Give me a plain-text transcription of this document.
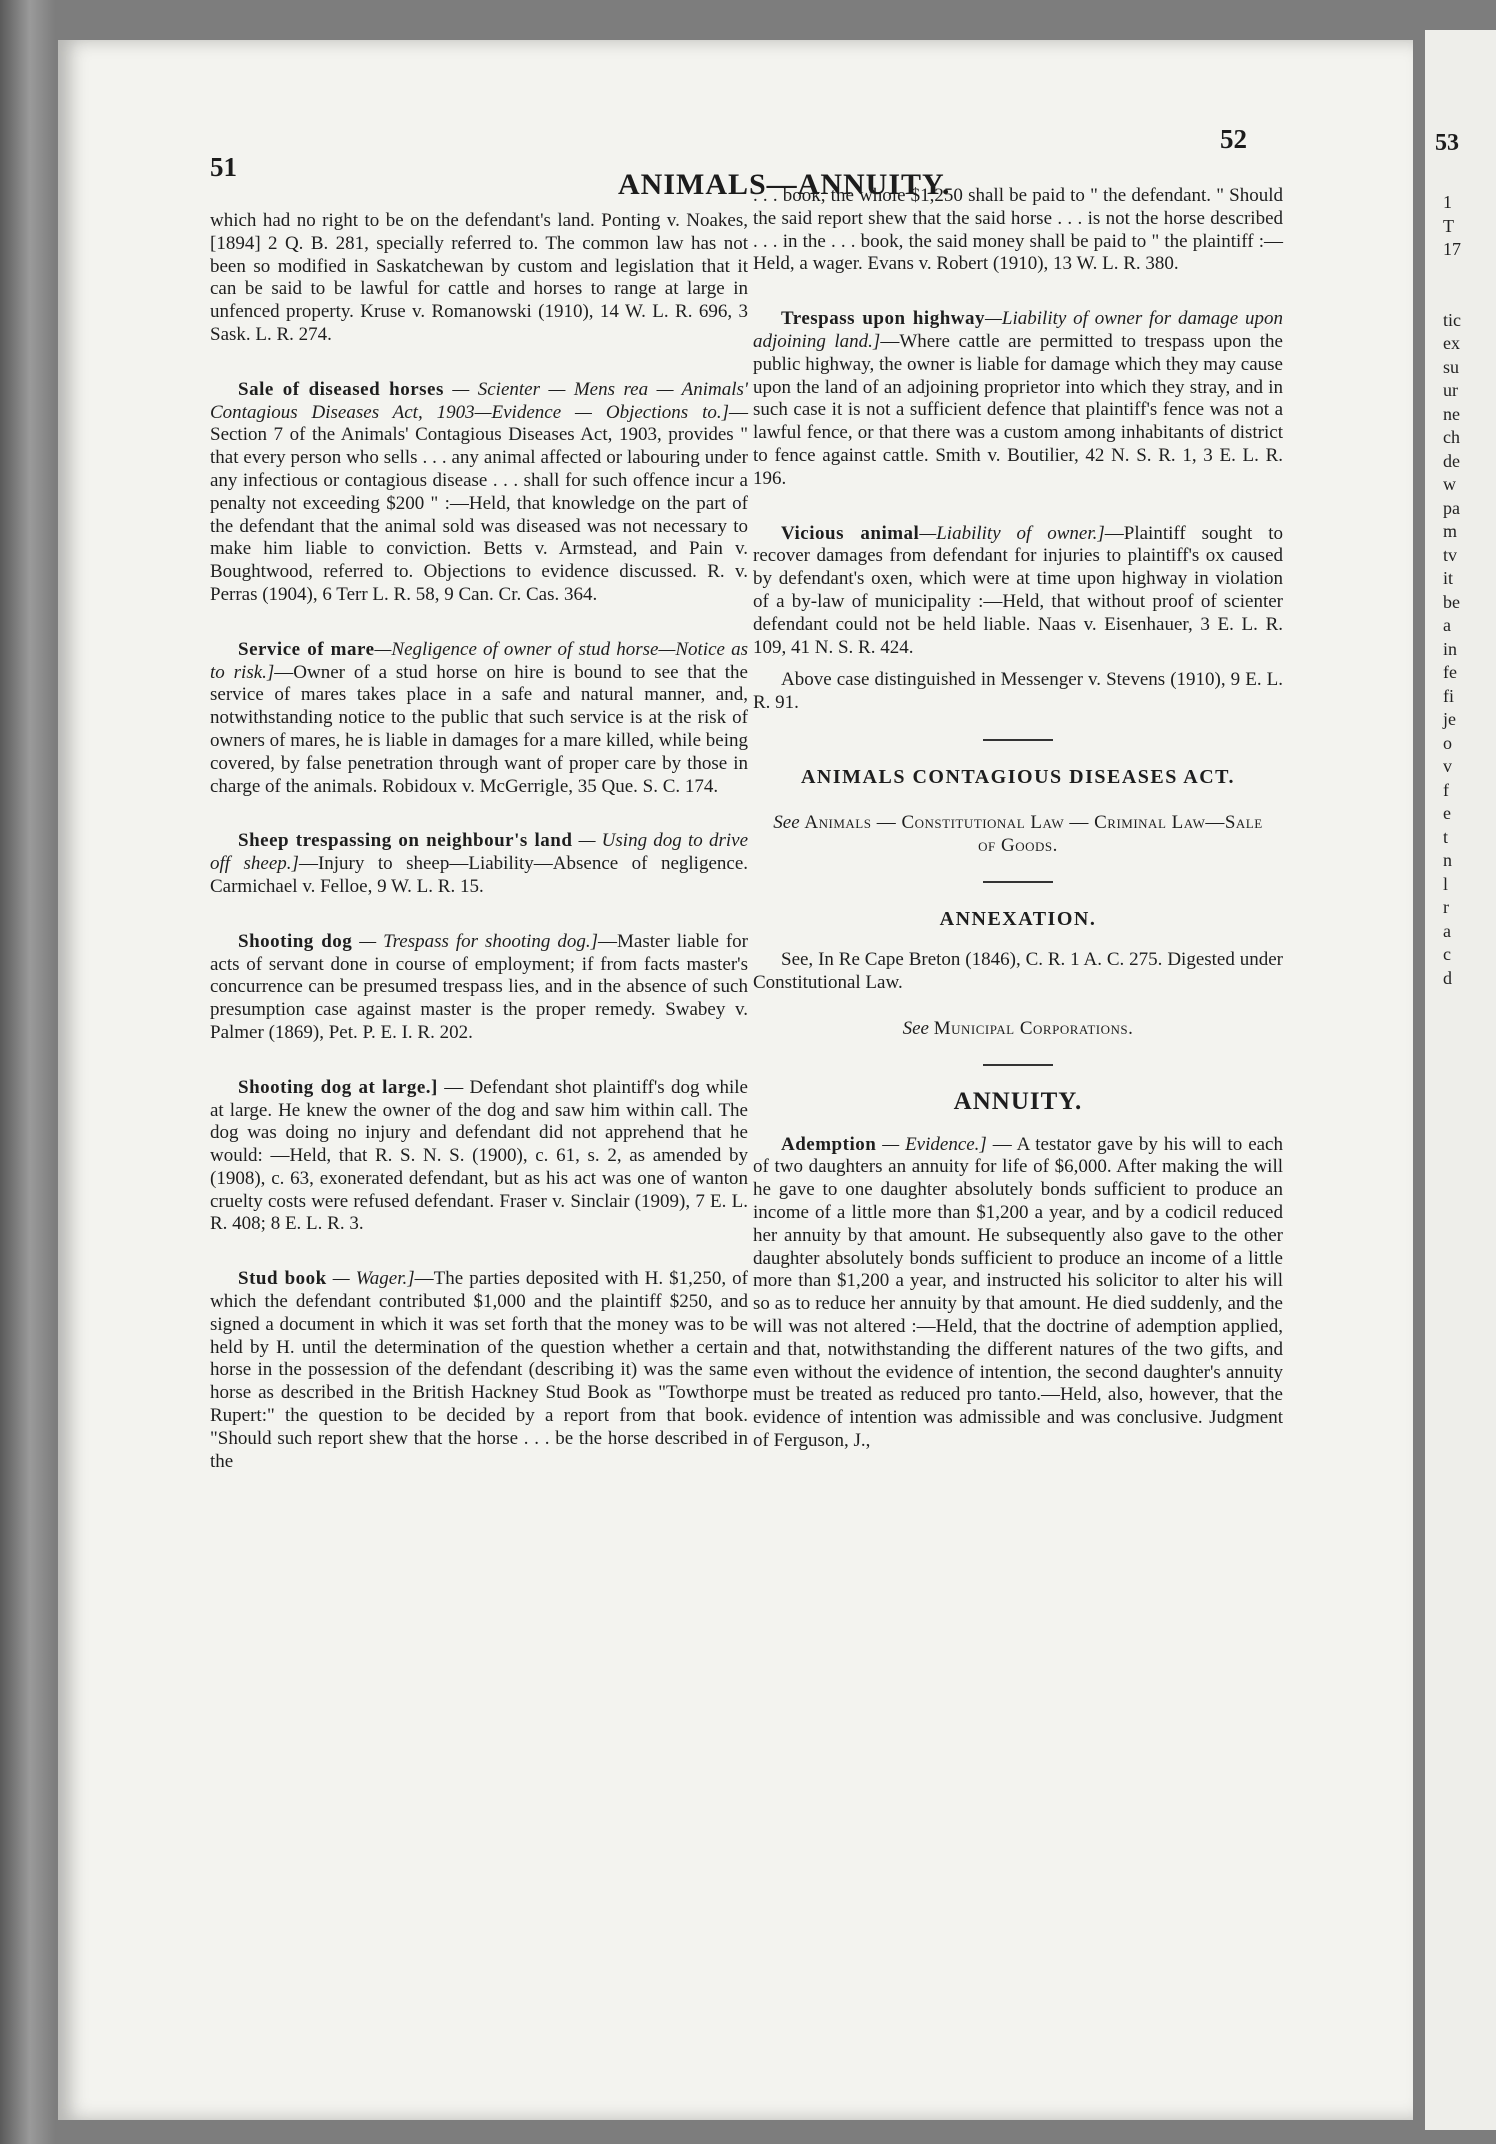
53
1
T
17
tic
ex
su
ur
ne
ch
de
w
pa
m
tv
it
be
a
in
fe
fi
je
o
v
f
e
t
n
l
r
a
c
d
51
ANIMALS—ANNUITY.
52

which had no right to be on the defendant's land. Ponting v. Noakes, [1894] 2 Q. B. 281, specially referred to. The common law has not been so modified in Saskatchewan by custom and legislation that it can be said to be lawful for cattle and horses to range at large in unfenced property. Kruse v. Romanowski (1910), 14 W. L. R. 696, 3 Sask. L. R. 274.

Sale of diseased horses — Scienter — Mens rea — Animals' Contagious Diseases Act, 1903—Evidence — Objections to.]—Section 7 of the Animals' Contagious Diseases Act, 1903, provides " that every person who sells . . . any animal affected or labouring under any infectious or contagious disease . . . shall for such offence incur a penalty not exceeding $200 " :—Held, that knowledge on the part of the defendant that the animal sold was diseased was not necessary to make him liable to conviction. Betts v. Armstead, and Pain v. Boughtwood, referred to. Objections to evidence discussed. R. v. Perras (1904), 6 Terr L. R. 58, 9 Can. Cr. Cas. 364.

Service of mare—Negligence of owner of stud horse—Notice as to risk.]—Owner of a stud horse on hire is bound to see that the service of mares takes place in a safe and natural manner, and, notwithstanding notice to the public that such service is at the risk of owners of mares, he is liable in damages for a mare killed, while being covered, by false penetration through want of proper care by those in charge of the animals. Robidoux v. McGerrigle, 35 Que. S. C. 174.

Sheep trespassing on neighbour's land — Using dog to drive off sheep.]—Injury to sheep—Liability—Absence of negligence. Carmichael v. Felloe, 9 W. L. R. 15.

Shooting dog — Trespass for shooting dog.]—Master liable for acts of servant done in course of employment; if from facts master's concurrence can be presumed trespass lies, and in the absence of such presumption case against master is the proper remedy. Swabey v. Palmer (1869), Pet. P. E. I. R. 202.

Shooting dog at large.] — Defendant shot plaintiff's dog while at large. He knew the owner of the dog and saw him within call. The dog was doing no injury and defendant did not apprehend that he would: —Held, that R. S. N. S. (1900), c. 61, s. 2, as amended by (1908), c. 63, exonerated defendant, but as his act was one of wanton cruelty costs were refused defendant. Fraser v. Sinclair (1909), 7 E. L. R. 408; 8 E. L. R. 3.

Stud book — Wager.]—The parties deposited with H. $1,250, of which the defendant contributed $1,000 and the plaintiff $250, and signed a document in which it was set forth that the money was to be held by H. until the determination of the question whether a certain horse in the possession of the defendant (describing it) was the same horse as described in the British Hackney Stud Book as "Towthorpe Rupert:" the question to be decided by a report from that book. "Should such report shew that the horse . . . be the horse described in the

. . . book, the whole $1,250 shall be paid to " the defendant. " Should the said report shew that the said horse . . . is not the horse described . . . in the . . . book, the said money shall be paid to " the plaintiff :—Held, a wager. Evans v. Robert (1910), 13 W. L. R. 380.

Trespass upon highway—Liability of owner for damage upon adjoining land.]—Where cattle are permitted to trespass upon the public highway, the owner is liable for damage which they may cause upon the land of an adjoining proprietor into which they stray, and in such case it is not a sufficient defence that plaintiff's fence was not a lawful fence, or that there was a custom among inhabitants of district to fence against cattle. Smith v. Boutilier, 42 N. S. R. 1, 3 E. L. R. 196.

Vicious animal—Liability of owner.]—Plaintiff sought to recover damages from defendant for injuries to plaintiff's ox caused by defendant's oxen, which were at time upon highway in violation of a by-law of municipality :—Held, that without proof of scienter defendant could not be held liable. Naas v. Eisenhauer, 3 E. L. R. 109, 41 N. S. R. 424.

Above case distinguished in Messenger v. Stevens (1910), 9 E. L. R. 91.

ANIMALS CONTAGIOUS DISEASES ACT.

See Animals — Constitutional Law — Criminal Law—Sale of Goods.

ANNEXATION.

See, In Re Cape Breton (1846), C. R. 1 A. C. 275. Digested under Constitutional Law.

See Municipal Corporations.

ANNUITY.

Ademption — Evidence.] — A testator gave by his will to each of two daughters an annuity for life of $6,000. After making the will he gave to one daughter absolutely bonds sufficient to produce an income of a little more than $1,200 a year, and by a codicil reduced her annuity by that amount. He subsequently also gave to the other daughter absolutely bonds sufficient to produce an income of a little more than $1,200 a year, and instructed his solicitor to alter his will so as to reduce her annuity by that amount. He died suddenly, and the will was not altered :—Held, that the doctrine of ademption applied, and that, notwithstanding the different natures of the two gifts, and even without the evidence of intention, the second daughter's annuity must be treated as reduced pro tanto.—Held, also, however, that the evidence of intention was admissible and was conclusive. Judgment of Ferguson, J.,
